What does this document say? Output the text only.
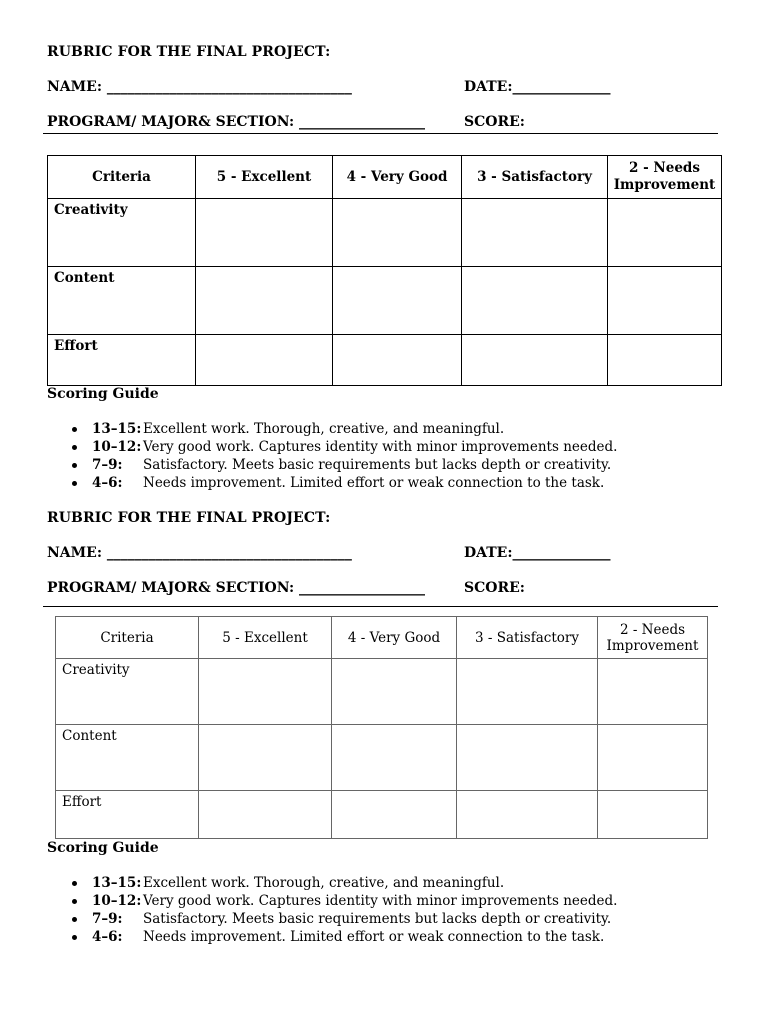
RUBRIC FOR THE FINAL PROJECT:
NAME: ___________________________________	DATE:______________
PROGRAM/ MAJOR& SECTION: __________________	SCORE:
Criteria	5 - Excellent	4 - Very Good	3 - Satisfactory	2 - Needs Improvement
Creativity				
Content				
Effort				
Scoring Guide
13–15: Excellent work. Thorough, creative, and meaningful.
10–12: Very good work. Captures identity with minor improvements needed.
7–9: Satisfactory. Meets basic requirements but lacks depth or creativity.
4–6: Needs improvement. Limited effort or weak connection to the task.
RUBRIC FOR THE FINAL PROJECT:
NAME: ___________________________________	DATE:______________
PROGRAM/ MAJOR& SECTION: __________________	SCORE:
Criteria	5 - Excellent	4 - Very Good	3 - Satisfactory	2 - Needs Improvement
Creativity				
Content				
Effort				
Scoring Guide
13–15: Excellent work. Thorough, creative, and meaningful.
10–12: Very good work. Captures identity with minor improvements needed.
7–9: Satisfactory. Meets basic requirements but lacks depth or creativity.
4–6: Needs improvement. Limited effort or weak connection to the task.
